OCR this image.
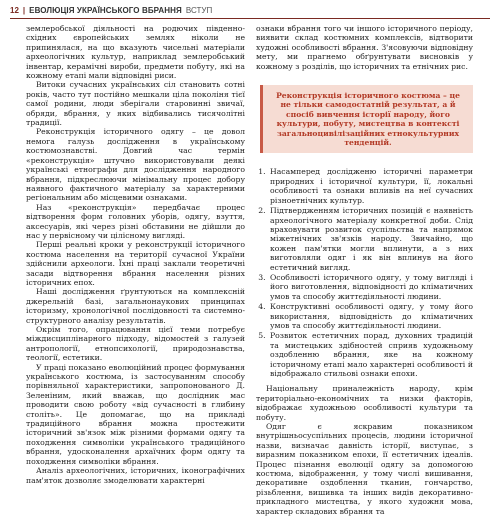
12 | ЕВОЛЮЦІЯ УКРАЇНСЬКОГО ВБРАННЯ ВСТУП

землеробської діяльності на родючих південно-східних європейських землях ніколи не припинялася, на що вказують чисельні матеріали археологічних культур, наприклад землеробський інвентар, керамічні вироби, предмети побуту, які на кожному етапі мали відповідні риси.

Витоки сучасних українських сіл становить сотні років, часто тут постійно мешкали ціла поколіня тієї самої родини, люди зберігали старовинні звичаї, обряди, вбрання, у яких відбивались тисячолітні традиції.

Реконструкція історичного одягу – це довол немога галузь дослідження в українському костюмознавстві. Довгий час термін «реконструкція» штучно використовували деякі українські етнографи для дослідження народного вбрання, підкреслюючи мінімальну процес добору наявного фактичного матеріалу за характерними регіональним або місцевими ознаками.

Наз «реконструкція» передбачає процес відтворення форм головних уборів, одягу, взуття, аксесуарів, які через різні обставини не дійшли до нас у первісному чи цілісному вигляді.

Перші реальні кроки у реконструкції історичного костюма населення на території сучасної України здійснили археологи. Їхні праці заклали теоретичні засади відтворення вбрання населення різних історичних епох.

Наші дослідження ґрунтуються на комплексній джерельній базі, загальнонаукових принципах історизму, хронологічної послідовності та системно-структурного аналізу результатів.

Окрім того, опрацювання цієї теми потребує міждисциплінарного підходу, відомостей з галузей антропології, етнопсихології, природознавства, теології, естетики.

У праці показано еволюційний процес формування українського костюма, із застосуванням способу порівняльної характеристики, запропонованого Д. Зеленіним, який вважав, що дослідник мас проводити свою роботу «від сучасності в глибину століть». Це допомагає, що на прикладі традиційного вбрання можна простежити історичний зв'язок між різними формами одягу та походження символіки українського традиційного вбрання, удосконалення архаїчних форм одягу та походження символіки вбрання.

Аналіз археологічних, історичних, іконографічних пам'яток дозволяє змоделювати характерні

ознаки вбрання того чи іншого історичного періоду, виявити склад костюмних комплексів, відтворити художні особливості вбрання. З'ясовуючи відповідну мету, ми прагнемо обґрунтувати висновків у кожному з розділів, що історичних та етнічних рис.

Реконструкція історичного костюма – це не тільки самодостатній результат, а й спосіб вивчення історії народу, його культури, побуту, мистецтва в контексті загальноцивілізаційних етнокультурних тенденцій.
1. Насамперед дослідженю історичні параметри природних і історичної культури, її, локальні особливості та ознаки впливів на неї сучасних різноетнічних культур.
2. Підтвердженням історичних позицій є наявність археологічного матеріалу конкретної доби. Слід враховувати розвиток суспільства та напрямок міжетнічних зв'язків народу. Звичайно, що кожен пам'ятки могли вплинути, а з них виготовляли одяг і як він вплинув на його естетичний вигляд.
3. Особливості історичного одягу, у тому вигляді і його виготовлення, відповідності до кліматичних умов та способу життєдіяльності людини.
4. Конструктивні особливості одягу, у тому його використання, відповідність до кліматичних умов та способу життєдіяльності людини.
5. Розвиток естетичних порад, духовних традицій та мистецьких здібностей сприяв художньому оздобленню вбрання, яке на кожному історичному етапі мало характерні особливості й відображало стильові ознаки епохи.

Національну приналежність народу, крім територіально-економічних та низки факторів, відображає художньою особливості культури та побуту.

Одяг є яскравим показником внутрішньосуспільних процесів, людини історичної назви, визначає давність історії, виступає, з виразним показником епохи, її естетичних ідеалів. Процес пізнання еволюції одягу за допомогою костюма, відображення, у тому числі вишивання, декоративне оздоблення тканин, гончарство, різьблення, вишивка та інших видів декоративно-прикладного мистецтва, у якого художня мова, характер складових вбрання та
